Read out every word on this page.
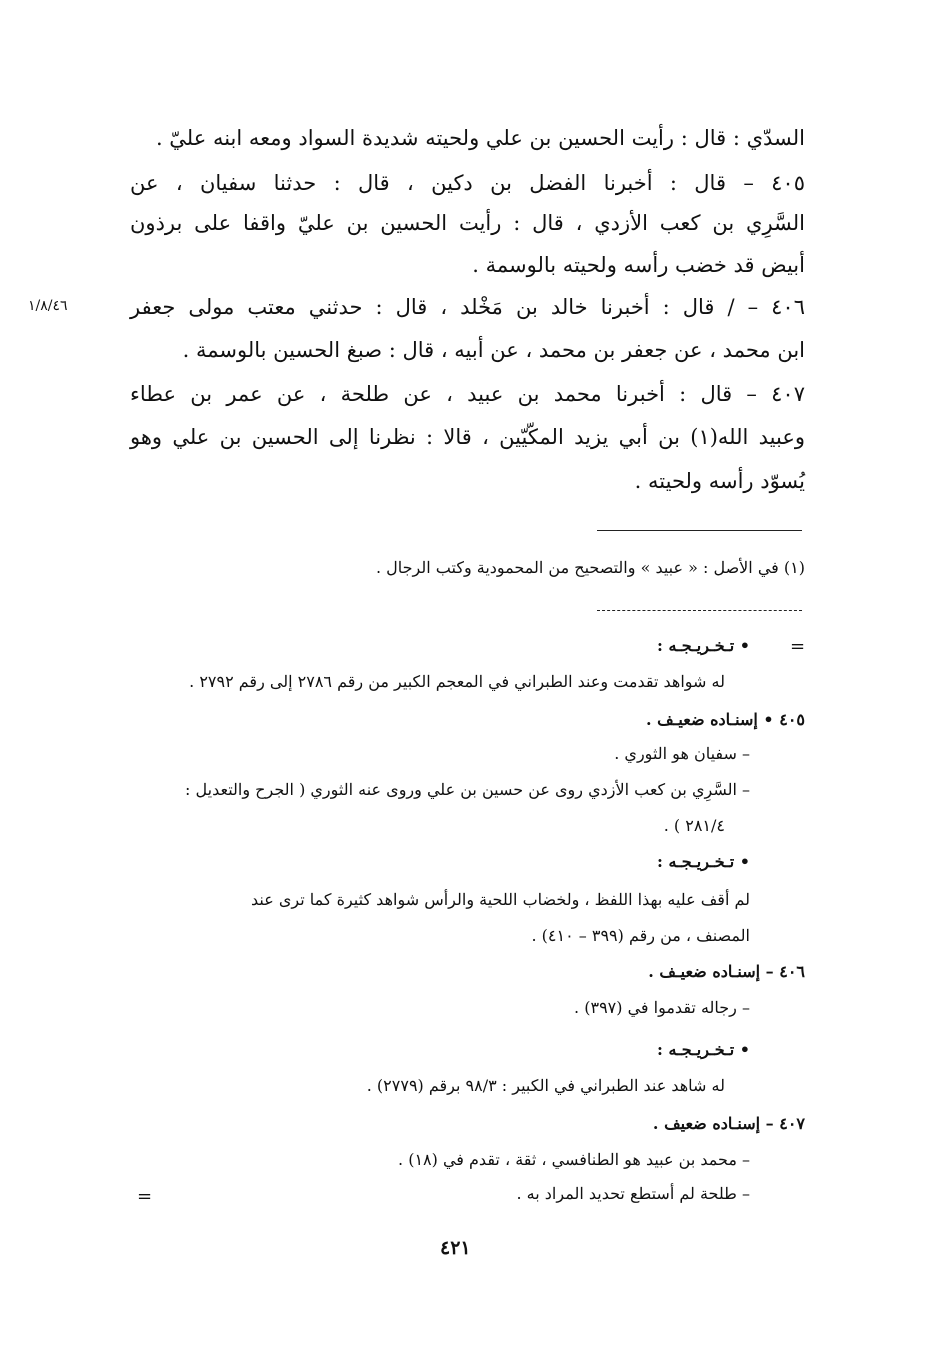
السدّي : قال : رأيت الحسين بن علي ولحيته شديدة السواد ومعه ابنه عليّ .
٤٠٥ – قال : أخبرنا الفضل بن دكين ، قال : حدثنا سفيان ، عن
السَّرِي بن كعب الأزدي ، قال : رأيت الحسين بن عليّ واقفا على برذون
أبيض قد خضب رأسه ولحيته بالوسمة .
٤٠٦ – / قال : أخبرنا خالد بن مَخْلد ، قال : حدثني معتب مولى جعفر
ابن محمد ، عن جعفر بن محمد ، عن أبيه ، قال : صبغ الحسين بالوسمة .
٤٠٧ – قال : أخبرنا محمد بن عبيد ، عن طلحة ، عن عمر بن عطاء
وعبيد الله(١) بن أبي يزيد المكّيّين ، قالا : نظرنا إلى الحسين بن علي وهو
يُسوّد رأسه ولحيته .
١/٨/٤٦
(١) في الأصل : « عبيد » والتصحيح من المحمودية وكتب الرجال .
=
=
• تـخـريـجـه :
له شواهد تقدمت وعند الطبراني في المعجم الكبير من رقم ٢٧٨٦ إلى رقم ٢٧٩٢ .
٤٠٥ • إسنـاده ضعيـف .
– سفيان هو الثوري .
– السَّرِي بن كعب الأزدي روى عن حسين بن علي وروى عنه الثوري ( الجرح والتعديل :
٢٨١/٤ ) .
• تـخـريـجـه :
لم أقف عليه بهذا اللفظ ، ولخضاب اللحية والرأس شواهد كثيرة كما ترى عند
المصنف ، من رقم (٣٩٩ – ٤١٠) .
٤٠٦ – إسنـاده ضعيـف .
– رجاله تقدموا في (٣٩٧) .
• تـخـريـجـه :
له شاهد عند الطبراني في الكبير : ٩٨/٣ برقم (٢٧٧٩) .
٤٠٧ – إسنـاده ضعيف .
– محمد بن عبيد هو الطنافسي ، ثقة ، تقدم في (١٨) .
– طلحة لم أستطع تحديد المراد به .
٤٢١
